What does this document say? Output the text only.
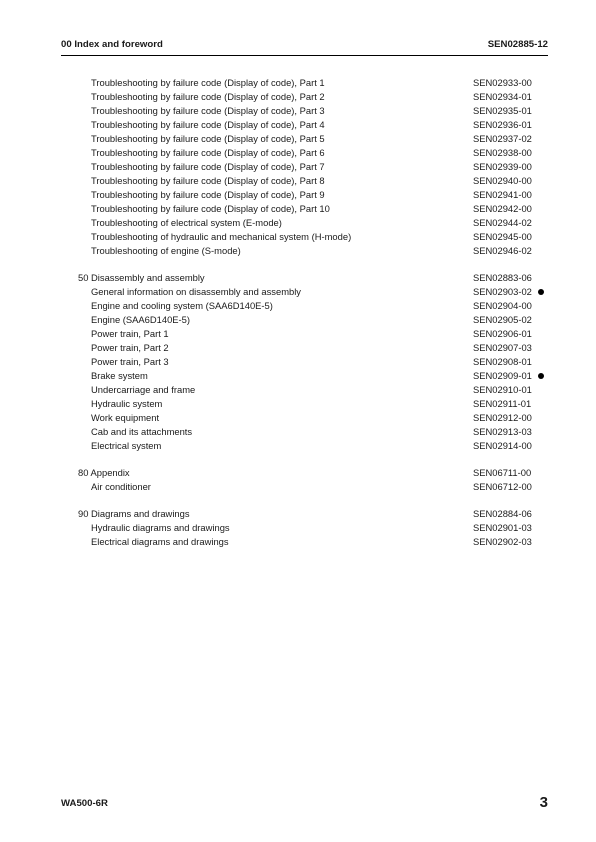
00 Index and foreword	SEN02885-12
Troubleshooting by failure code (Display of code), Part 1	SEN02933-00
Troubleshooting by failure code (Display of code), Part 2	SEN02934-01
Troubleshooting by failure code (Display of code), Part 3	SEN02935-01
Troubleshooting by failure code (Display of code), Part 4	SEN02936-01
Troubleshooting by failure code (Display of code), Part 5	SEN02937-02
Troubleshooting by failure code (Display of code), Part 6	SEN02938-00
Troubleshooting by failure code (Display of code), Part 7	SEN02939-00
Troubleshooting by failure code (Display of code), Part 8	SEN02940-00
Troubleshooting by failure code (Display of code), Part 9	SEN02941-00
Troubleshooting by failure code (Display of code), Part 10	SEN02942-00
Troubleshooting of electrical system (E-mode)	SEN02944-02
Troubleshooting of hydraulic and mechanical system (H-mode)	SEN02945-00
Troubleshooting of engine (S-mode)	SEN02946-02
50 Disassembly and assembly	SEN02883-06
General information on disassembly and assembly	SEN02903-02
Engine and cooling system (SAA6D140E-5)	SEN02904-00
Engine (SAA6D140E-5)	SEN02905-02
Power train, Part 1	SEN02906-01
Power train, Part 2	SEN02907-03
Power train, Part 3	SEN02908-01
Brake system	SEN02909-01
Undercarriage and frame	SEN02910-01
Hydraulic system	SEN02911-01
Work equipment	SEN02912-00
Cab and its attachments	SEN02913-03
Electrical system	SEN02914-00
80 Appendix	SEN06711-00
Air conditioner	SEN06712-00
90 Diagrams and drawings	SEN02884-06
Hydraulic diagrams and drawings	SEN02901-03
Electrical diagrams and drawings	SEN02902-03
WA500-6R	3
